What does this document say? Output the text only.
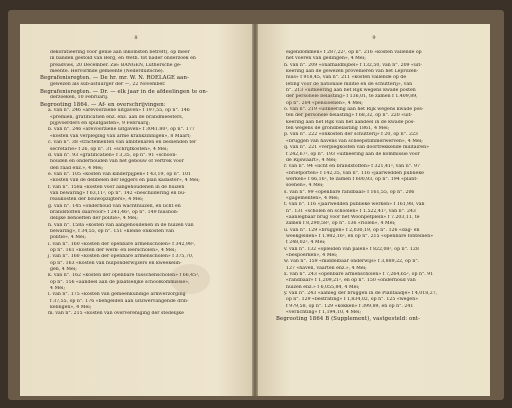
8
dekoratieëring voor genie aan inkomsten betreft), op meer
in banden gestold van Berg, en Weth. tot nader onderzoek en
preadvies, 20 December. Zie: BANGEN, Luthersche ge-
meente. Hervormde gemeente (Nederduitsche).
Begrafenisregten. — De hr. mr. W. N. ROELAGE aan-
gewezen als sub-astuurger der —, 22 November.
Begrafenisregten. — Dr. — elk jaar in de afdeelingen te on-
derzoeken, 10 Februarij.
Begrooting 1864. — Af- en overschrijvingen:
a. van n°. 246 «arevoorziene uitgaven» f 197,55, op n°. 146
«premiën, gratificatiën enz. enz. aan de brandmeesters,
pijpvoerders en spuitgasten», 9 Februarij;
b. van n°. 246 «arevoorziene uitgaven» f 3041.80², op n°. 177
«kosten van verpleging van arme krankzinnigen», 8 Maart;
c. van n°. 38 «tractementen van ambtenaren en bedienden ter
secretarie» f 26, op n°. 31 «schrijfkosten», 4 Mei;
d. van n°. 93 «gratificatiën» f 3,35, op n°. 91 «schoon-
houden en onderhouden van het gebouw of vertrek voor
den raad enz.», 4 Mei;
e. van n°. 105 «kosten van kinderpijpen» f 43,19, op n°. 101
«kosten van de debbelen der leggers en plan kadaster», 4 Mei;
f. van n°. 158a «kosten voor aangehoudenen in de huizen
van bewaring» f 63,11², op n°. 142 «beschildering en bu-
reaukosten der bouwopzigters», 4 Mei;
g. van n°. 145 «onderhoud van wachthuizen, en licht en
brandstoffen daarvoor» f 241,46², op n°. 149 huisbon-
delijke behoeften der politie», 4 Mei;
h. van n°. 158a «kosten van aangehoudenen in de huizen van
bewaring», f 34,55, op n°. 151 «kleine onkosten van
politie», 4 Mei;
i. van n°. 160 «kosten der openbare armenscholen» f 342,98²,
op n°. 161 «kosten der werk- en leerscholen», 4 Mei;
j. van n°. 160 «kosten der openbare armenscholen» f 375,70,
op n°. 163 «kosten van hulponderwijzers en kweekelin-
gen, 4 Mei;
k. van n°. 162 «kosten der openbare tusschenscholen» f 66,45²,
op n°. 156 «aandeel aan de plaatselijke schoolkommissie»,
4 Mei;
l. van n°. 175 «kosten van gemeenkundige armverzorging
f 37,55, op n°. 176 «behgelden aan uitzwervangende drin-
kelingen», 4 Mei;
m. van n°. 215 «kosten van oververeniging der stedelijke
9
eigendommen» f 287,22², op n°. 216 «kosten vallende op
het voeren van gedingen», 4 Mei;
n. van n°. 209 «onafhaldbijbel» f 132,50, van n°. 209 «uit-
keering aan de gewezen provenieren van het Leprozen-
huis» f 918,45, van n°. 211 «kosten vallende op de
leting voor de nationale militie en de schutterij», van
n°. 213 «uitkeering aan het Rijk wegens kwade posten
der personele belasting» f 136,01, te zamen f 1.409,89,
op n°. 204 «pensioenen», 4 Mei;
o. van n°. 219 «uitkeering aan het Rijk wegens kwade pos-
ten der personele belasting» f 68,32, op n°. 220 «uit-
keering aan het Rijk van het aandeel in de kwade pos-
ten wegens de grondbelasting 1861, 4 Mei;
p. van n°. 222 «onkosten der schutterij» f 20, op n°. 223
«bruggen van havens van scheepstimmerwerven», 4 Mei;
q. van n°. 221 «verplegkosten van doortrekkende militairen»
f 242,67², op n°. 193 «uitkeering aan de kommissie voor
de Rijswaart», 4 Mei;
r. van n°. 94 «licht en brandstoffen» f 321,41², van n°. 97
«briefporten» f 142,35, van n°. 116 «jaarwedden publieke
werken» f 66,16², te zamen f 600,93, op n°. 194 «plant-
soenen», 4 Mei;
s. van n°. 99 «openbare randbaal» f 161,55, op n°. 206
«gagementen», 4 Mei;
t. van n°. 116 «jaarwedden publieke werken» f 161,98, van
n°. 131 «scholen en schoolen» f 1.522,41², van n°. 243
«aanlegbaar brug voor het Woonpetplein» f 7.203,11, te
zamen f 8,290,58², op n°. 136 «riolen», 4 Mei;
u. van n°. 129 «bruggen» f 2,030,19, op n°. 126 «dag- en
weekgelden» f 1.982,16², en op n°. 215 «openbare fonteinen»
f 248,02², 4 Mei;
v. van n°. 132 «opleiden van palen» f 822,08², op n°. 128
«bespoerken», 4 Mei;
w. van n°. 159 «middelbaar onderwijs» f 3,889,22, op n°.
127 «haven, vaarten enz.», 4 Mei;
x. van n°. 243 «openbare armenscholen» f 7,264,65², op n°. 91
«randbaar» f 1,209,21², en op n°. 150 «onderhoud van
huizen enz.» f 6,055,84, 4 Mei;
y. van n°. 243 «aanleg der bruggen in de Plantaadje» f 4,018,27,
op n°. 129 «bestrating» f 1,834,02, op n°. 125 «wegen»
f 979,58, op n°. 129 «kokken» f 399,89, en op n°. 241
«verlichting» f 1,194,10, 4 Mei;
Begrooting 1864 B (Supplement), vastgesteld: ont-
